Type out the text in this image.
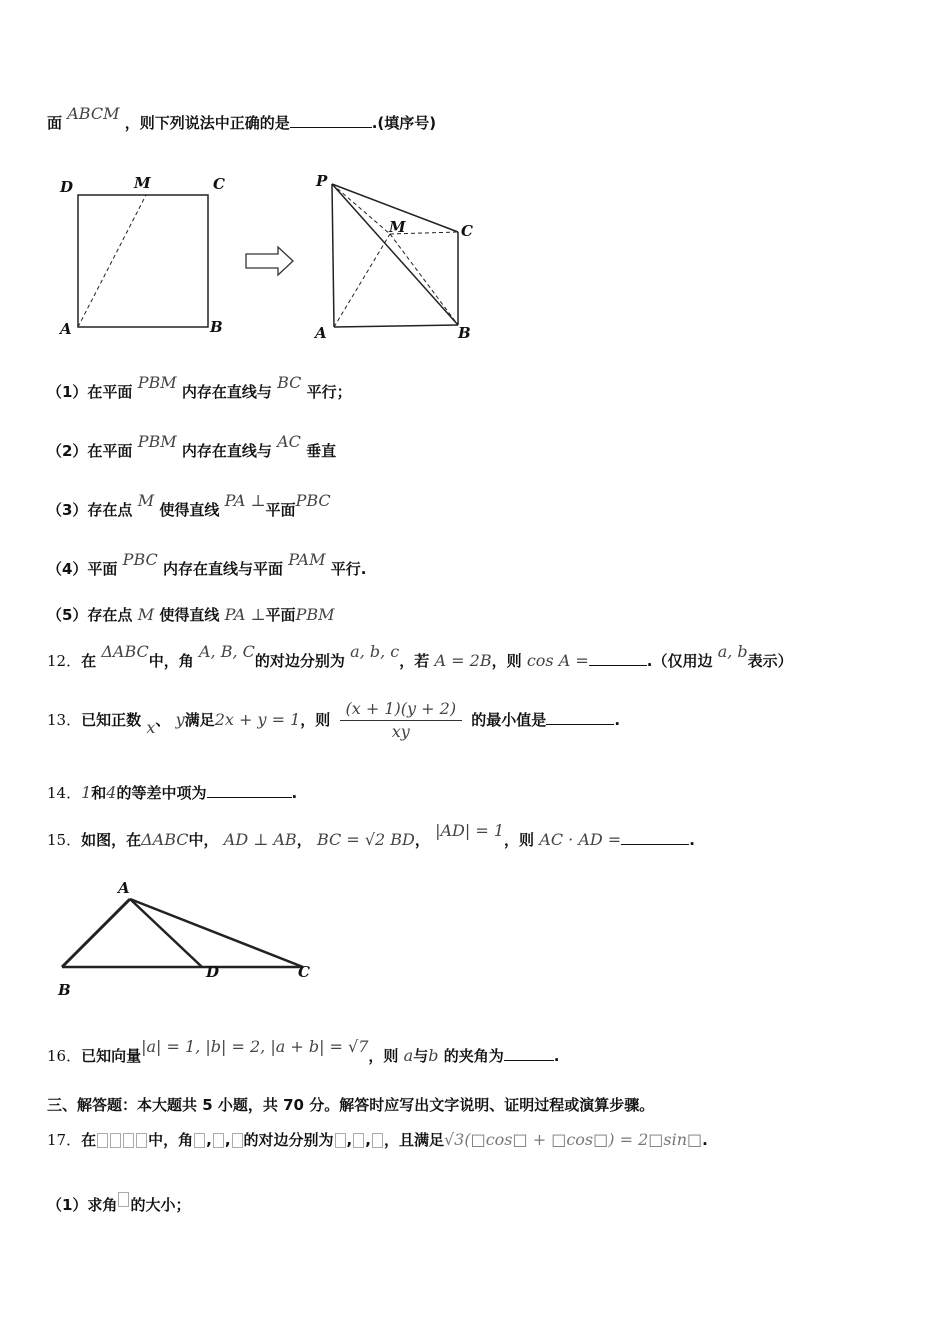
面 ABCM ，则下列说法中正确的是	.(填序号)
D	M	C
A	B
P
M	C
A	B
（1）在平面 PBM 内存在直线与 BC 平行；
（2）在平面 PBM 内存在直线与 AC 垂直
（3）存在点 M 使得直线 PA ⊥平面PBC
（4）平面 PBC 内存在直线与平面 PAM 平行.
（5）存在点 M 使得直线 PA ⊥平面PBM
12．在 ΔABC中，角 A, B, C的对边分别为 a, b, c，若 A = 2B，则 cos A =	.（仅用边 a, b表示）
13．已知正数 x、 y满足2x + y = 1，则 $\frac{(x + 1)(y + 2)}{xy}$ 的最小值是	.
14．1和4的等差中项为	.
15．如图，在ΔABC中， AD ⊥ AB， BC = √2 BD， |AD| = 1，则 AC · AD =	.
A
B
D	C
16．已知向量|a| = 1, |b| = 2, |a + b| = √7，则 a与b 的夹角为	.
三、解答题：本大题共 5 小题，共 70 分。解答时应写出文字说明、证明过程或演算步骤。
17．在	中，角 , , 的对边分别为 , , ，且满足√3(□cos□ + □cos□) = 2□sin□.
（1）求角 的大小；
